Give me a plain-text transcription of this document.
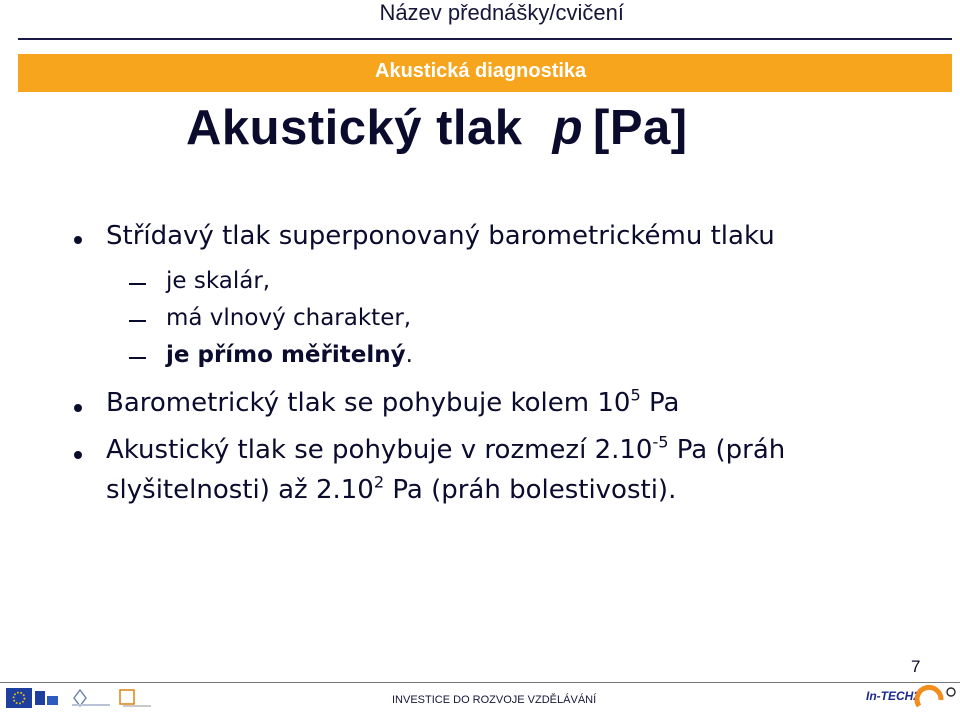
Název přednášky/cvičení
Akustická diagnostika
Akustický tlak p [Pa]
Střídavý tlak superponovaný barometrickému tlaku
je skalár,
má vlnový charakter,
je přímo měřitelný.
Barometrický tlak se pohybuje kolem $10^5$ Pa
Akustický tlak se pohybuje v rozmezí $2.10^{-5}$ Pa (práh
slyšitelnosti) až 2.10$^2$ Pa (práh bolestivosti).
7
INVESTICE DO ROZVOJE VZDĚLÁVÁNÍ	In-TECH2
